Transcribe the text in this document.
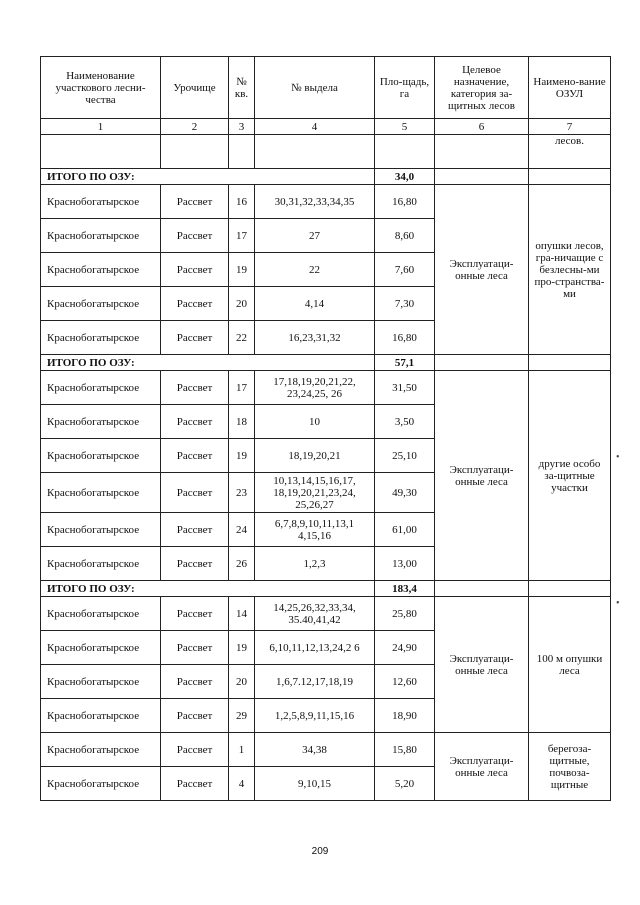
Наименование участкового лесни-чества	Урочище	№ кв.	№ выдела	Пло-щадь, га	Целевое назначение, категория за-щитных лесов	Наимено-вание ОЗУЛ
1	2	3	4	5	6	7
						лесов.
ИТОГО ПО ОЗУ:				34,0		
Краснобогатырское	Рассвет	16	30,31,32,33,34,35	16,80	Эксплуатаци-онные леса	опушки лесов, гра-ничащие с безлесны-ми про-странства-ми
Краснобогатырское	Рассвет	17	27	8,60		
Краснобогатырское	Рассвет	19	22	7,60		
Краснобогатырское	Рассвет	20	4,14	7,30		
Краснобогатырское	Рассвет	22	16,23,31,32	16,80		
ИТОГО ПО ОЗУ:				57,1		
Краснобогатырское	Рассвет	17	17,18,19,20,21,22, 23,24,25, 26	31,50	Эксплуатаци-онные леса	другие особо за-щитные участки
Краснобогатырское	Рассвет	18	10	3,50		
Краснобогатырское	Рассвет	19	18,19,20,21	25,10		
Краснобогатырское	Рассвет	23	10,13,14,15,16,17, 18,19,20,21,23,24, 25,26,27	49,30		
Краснобогатырское	Рассвет	24	6,7,8,9,10,11,13,1 4,15,16	61,00		
Краснобогатырское	Рассвет	26	1,2,3	13,00		
ИТОГО ПО ОЗУ:				183,4		
Краснобогатырское	Рассвет	14	14,25,26,32,33,34, 35.40,41,42	25,80	Эксплуатаци-онные леса	100 м опушки леса
Краснобогатырское	Рассвет	19	6,10,11,12,13,24,2 6	24,90		
Краснобогатырское	Рассвет	20	1,6,7.12,17,18,19	12,60		
Краснобогатырское	Рассвет	29	1,2,5,8,9,11,15,16	18,90		
Краснобогатырское	Рассвет	1	34,38	15,80	Эксплуатаци-онные леса	берегоза-щитные, почвоза-щитные
Краснобогатырское	Рассвет	4	9,10,15	5,20		
•
•
209
